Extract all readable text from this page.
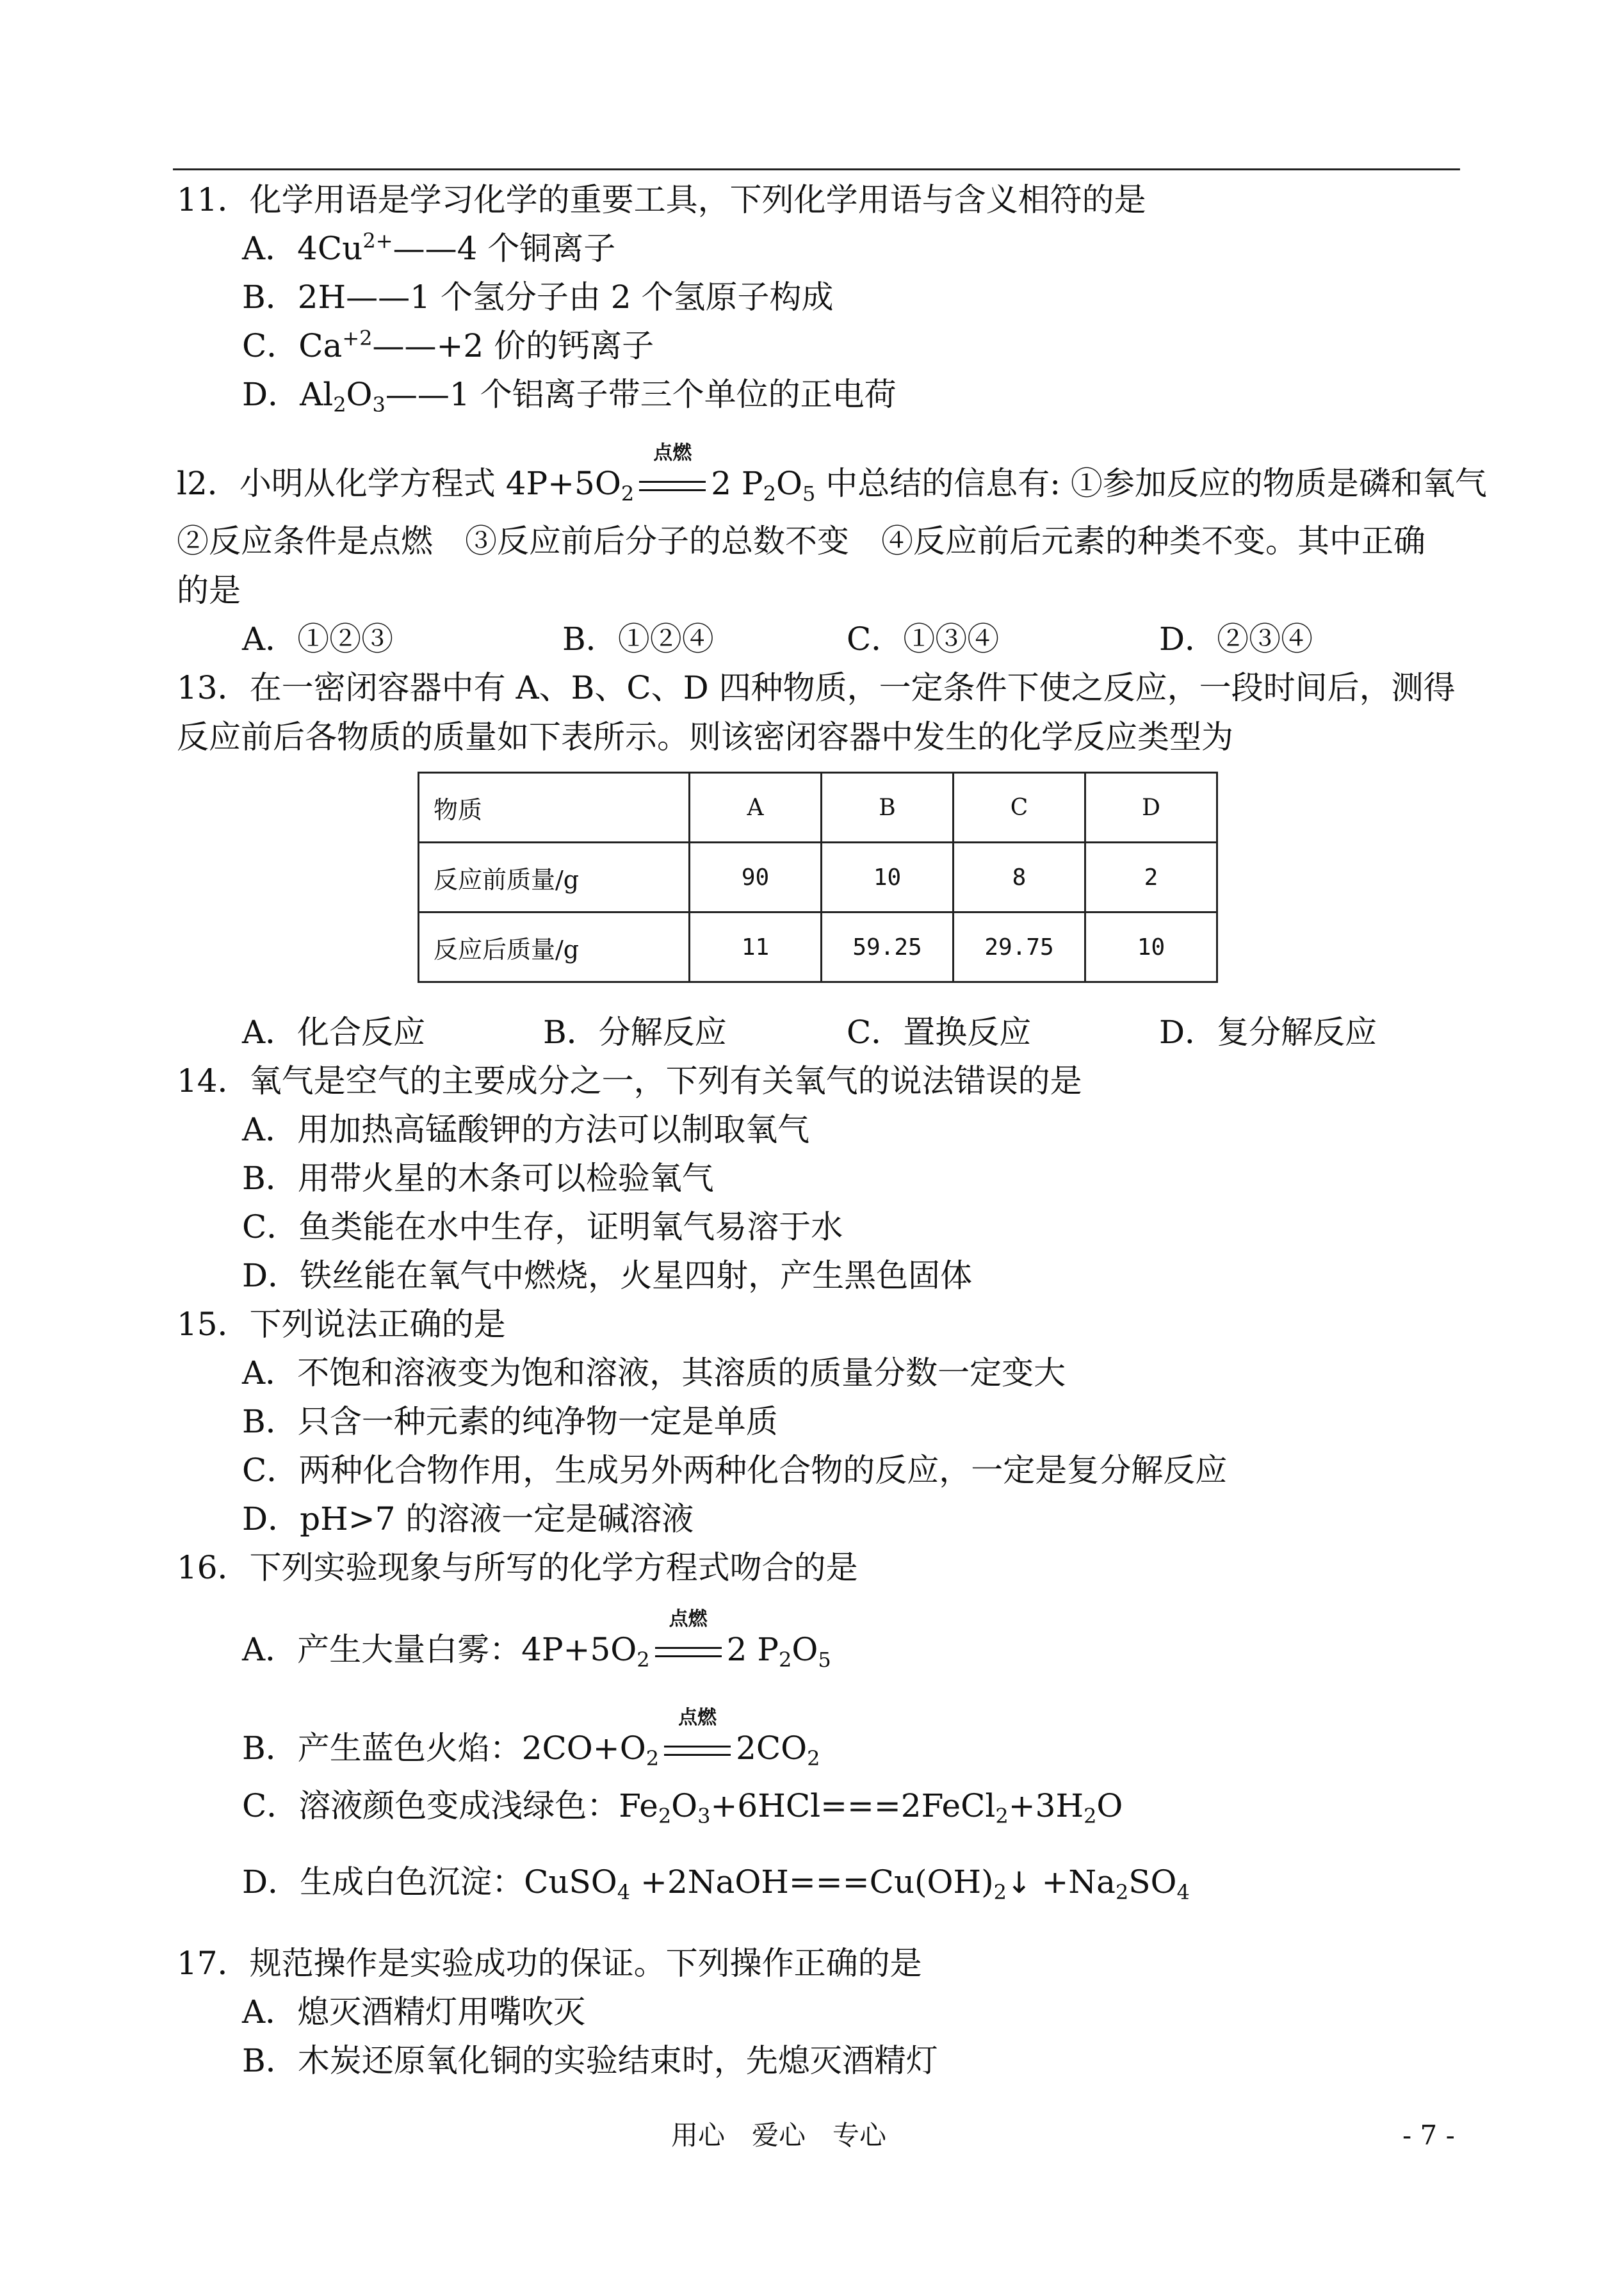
11．化学用语是学习化学的重要工具，下列化学用语与含义相符的是
A．$4Cu^{2+}——4$ 个铜离子
B．2H——1 个氢分子由 2 个氢原子构成
C．$Ca^{+2}——+2$ 价的钙离子
D．$Al_2O_3——1$ 个铝离子带三个单位的正电荷
l2．小明从化学方程式 $4P+5O_2$
点燃
2 $P_2O_5$ 中总结的信息有: ①参加反应的物质是磷和氧气
②反应条件是点燃　③反应前后分子的总数不变　④反应前后元素的种类不变。其中正确
的是
A．①②③	B．①②④	C．①③④	D．②③④
13．在一密闭容器中有 A、B、C、D 四种物质，一定条件下使之反应，一段时间后，测得
反应前后各物质的质量如下表所示。则该密闭容器中发生的化学反应类型为
物质	A	B	C	D
反应前质量/g	90	10	8	2
反应后质量/g	11	59.25	29.75	10
A．化合反应	B．分解反应	C．置换反应	D．复分解反应
14．氧气是空气的主要成分之一，下列有关氧气的说法错误的是
A．用加热高锰酸钾的方法可以制取氧气
B．用带火星的木条可以检验氧气
C．鱼类能在水中生存，证明氧气易溶于水
D．铁丝能在氧气中燃烧，火星四射，产生黑色固体
15．下列说法正确的是
A．不饱和溶液变为饱和溶液，其溶质的质量分数一定变大
B．只含一种元素的纯净物一定是单质
C．两种化合物作用，生成另外两种化合物的反应，一定是复分解反应
D．pH>7 的溶液一定是碱溶液
16．下列实验现象与所写的化学方程式吻合的是
A．产生大量白雾：$4P+5O_2$
点燃
2 $P_2O_5$
B．产生蓝色火焰：$2CO+O_2$
点燃
$2CO_2$
C．溶液颜色变成浅绿色：$Fe_2O_3+6HCl===2FeCl_2+3H_2O$
D．生成白色沉淀：CuSO$_4$ $+2NaOH===Cu(OH)_2↓ +Na_2SO_4$
17．规范操作是实验成功的保证。下列操作正确的是
A．熄灭酒精灯用嘴吹灭
B．木炭还原氧化铜的实验结束时，先熄灭酒精灯
用心　爱心　专心	- 7 -
